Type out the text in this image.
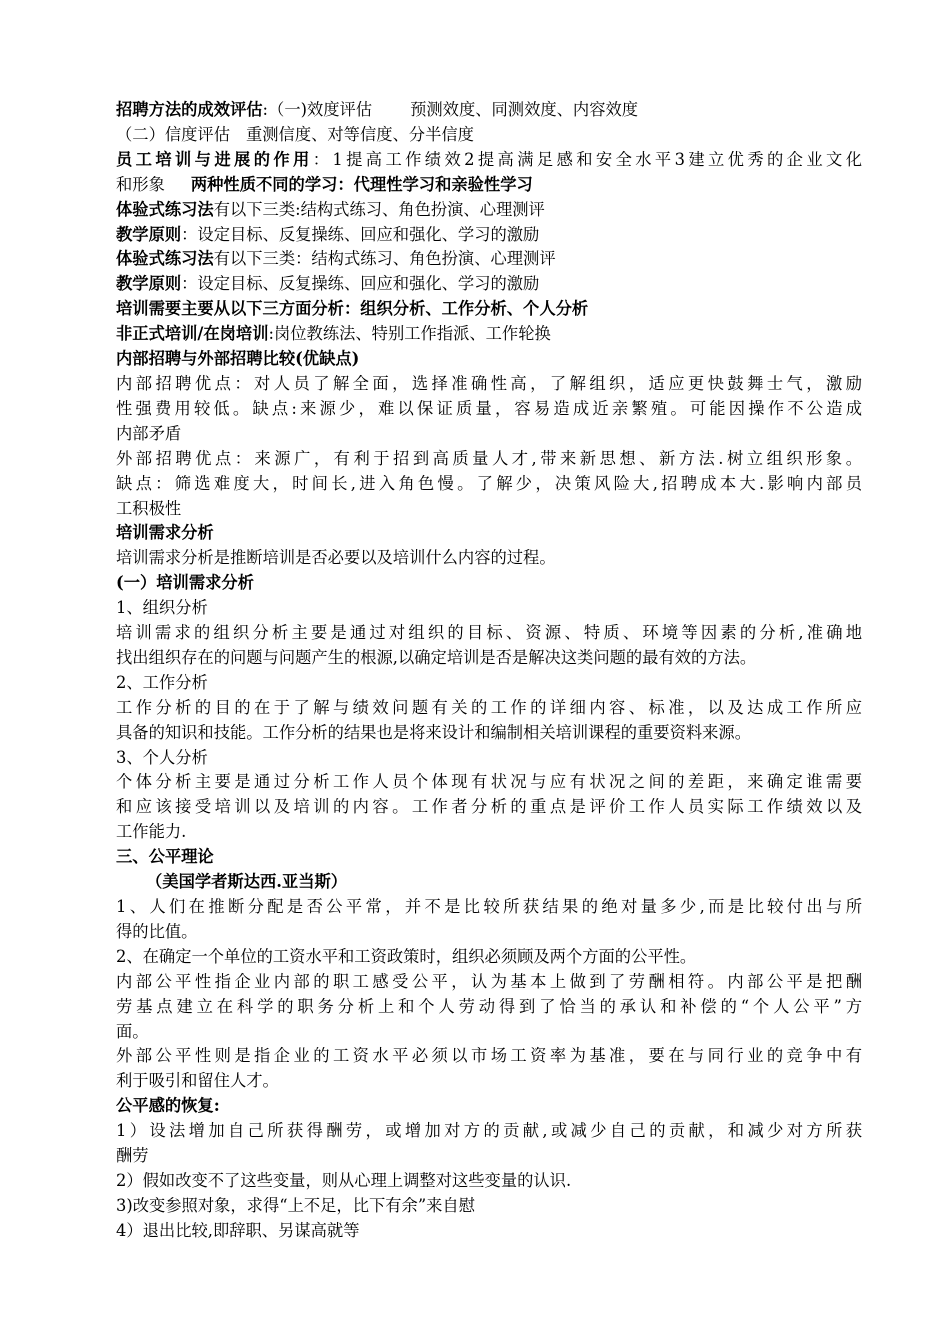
招聘方法的成效评估:（一)效度评估 预测效度、同测效度、内容效度
（二）信度评估 重测信度、对等信度、分半信度
员工培训与进展的作用：1提高工作绩效2提高满足感和安全水平3建立优秀的企业文化
和形象 两种性质不同的学习：代理性学习和亲验性学习
体验式练习法有以下三类:结构式练习、角色扮演、心理测评
教学原则：设定目标、反复操练、回应和强化、学习的激励
体验式练习法有以下三类：结构式练习、角色扮演、心理测评
教学原则：设定目标、反复操练、回应和强化、学习的激励
培训需要主要从以下三方面分析：组织分析、工作分析、个人分析
非正式培训/在岗培训:岗位教练法、特别工作指派、工作轮换
内部招聘与外部招聘比较(优缺点)
内部招聘优点：对人员了解全面，选择准确性高，了解组织，适应更快鼓舞士气，激励
性强费用较低。缺点:来源少，难以保证质量，容易造成近亲繁殖。可能因操作不公造成
内部矛盾
外部招聘优点：来源广，有利于招到高质量人才,带来新思想、新方法.树立组织形象。
缺点：筛选难度大，时间长,进入角色慢。了解少，决策风险大,招聘成本大.影响内部员
工积极性
培训需求分析
培训需求分析是推断培训是否必要以及培训什么内容的过程。
(一）培训需求分析
1、组织分析
培训需求的组织分析主要是通过对组织的目标、资源、特质、环境等因素的分析,准确地
找出组织存在的问题与问题产生的根源,以确定培训是否是解决这类问题的最有效的方法。
2、工作分析
工作分析的目的在于了解与绩效问题有关的工作的详细内容、标准，以及达成工作所应
具备的知识和技能。工作分析的结果也是将来设计和编制相关培训课程的重要资料来源。
3、个人分析
个体分析主要是通过分析工作人员个体现有状况与应有状况之间的差距，来确定谁需要
和应该接受培训以及培训的内容。工作者分析的重点是评价工作人员实际工作绩效以及
工作能力.
三、公平理论
（美国学者斯达西.亚当斯）
1、人们在推断分配是否公平常，并不是比较所获结果的绝对量多少,而是比较付出与所
得的比值。
2、在确定一个单位的工资水平和工资政策时，组织必须顾及两个方面的公平性。
内部公平性指企业内部的职工感受公平，认为基本上做到了劳酬相符。内部公平是把酬
劳基点建立在科学的职务分析上和个人劳动得到了恰当的承认和补偿的“个人公平”方
面。
外部公平性则是指企业的工资水平必须以市场工资率为基准，要在与同行业的竞争中有
利于吸引和留住人才。
公平感的恢复:
1）设法增加自己所获得酬劳，或增加对方的贡献,或减少自己的贡献，和减少对方所获
酬劳
2）假如改变不了这些变量，则从心理上调整对这些变量的认识.
3)改变参照对象，求得“上不足，比下有余”来自慰
4）退出比较,即辞职、另谋高就等
